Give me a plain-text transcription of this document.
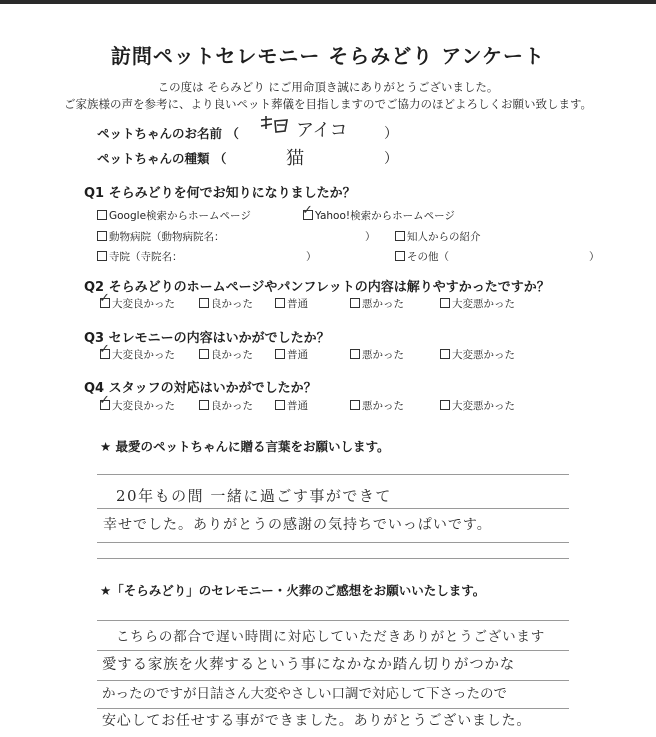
訪問ペットセレモニー そらみどり アンケート
この度は そらみどり にご用命頂き誠にありがとうございました。
ご家族様の声を参考に、より良いペット葬儀を目指しますのでご協力のほどよろしくお願い致します。
ペットちゃんのお名前 （	アイコ	）
ペットちゃんの種類 （	猫	）
Q1 そらみどりを何でお知りになりましたか？
Google検索からホームページ	✓ Yahoo!検索からホームページ
動物病院（動物病院名：	）	知人からの紹介
寺院（寺院名：	）	その他（	）
Q2 そらみどりのホームページやパンフレットの内容は解りやすかったですか？
✓ 大変良かった	良かった	普通	悪かった	大変悪かった
Q3 セレモニーの内容はいかがでしたか？
✓ 大変良かった	良かった	普通	悪かった	大変悪かった
Q4 スタッフの対応はいかがでしたか？
✓ 大変良かった	良かった	普通	悪かった	大変悪かった
★ 最愛のペットちゃんに贈る言葉をお願いします。
20年もの間 一緒に過ごす事ができて
幸せでした。ありがとうの感謝の気持ちでいっぱいです。
★「そらみどり」のセレモニー・火葬のご感想をお願いいたします。
こちらの都合で遅い時間に対応していただきありがとうございます
愛する家族を火葬するという事になかなか踏ん切りがつかな
かったのですが日詰さん大変やさしい口調で対応して下さったので
安心してお任せする事ができました。ありがとうございました。
